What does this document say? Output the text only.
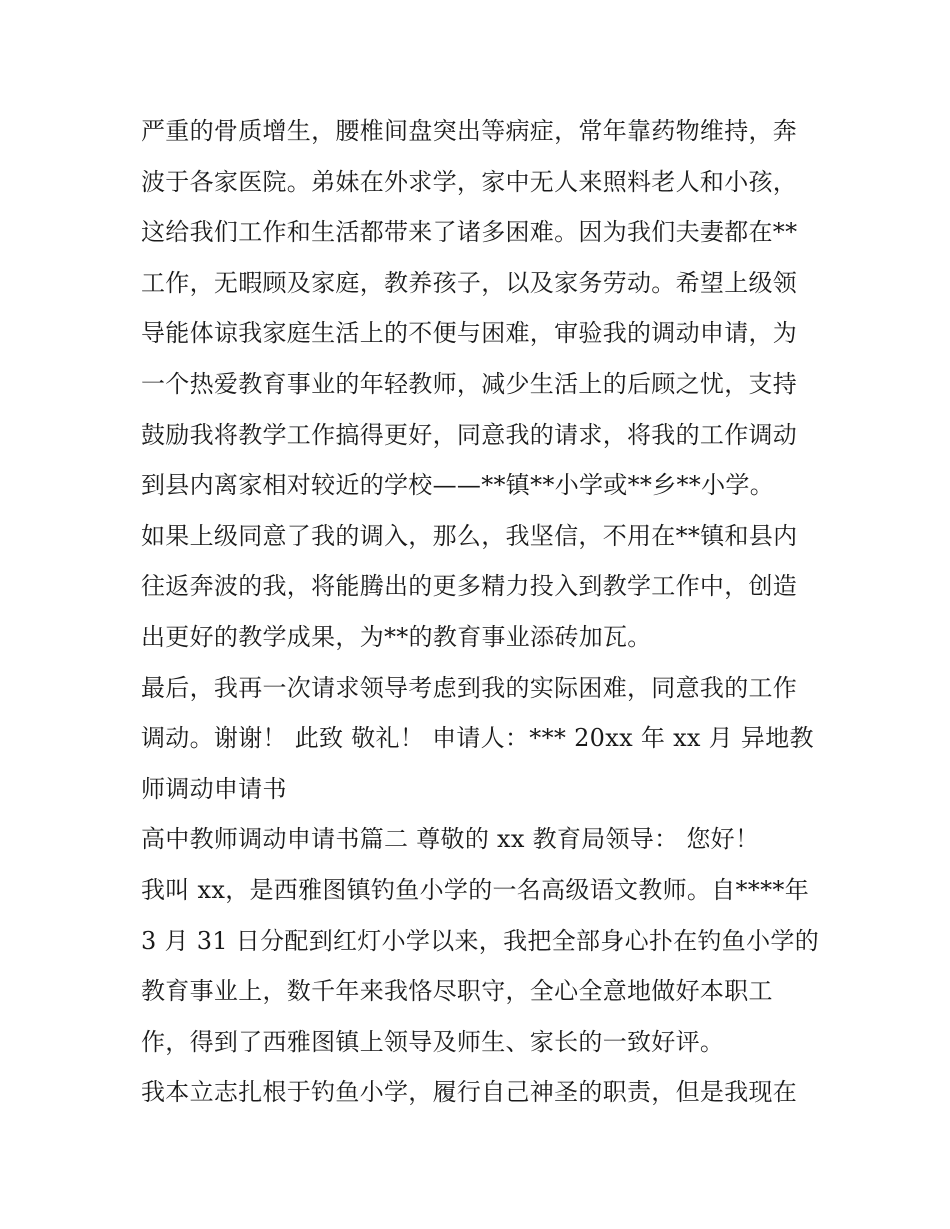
严重的骨质增生，腰椎间盘突出等病症，常年靠药物维持，奔
波于各家医院。弟妹在外求学，家中无人来照料老人和小孩，
这给我们工作和生活都带来了诸多困难。因为我们夫妻都在**
工作，无暇顾及家庭，教养孩子，以及家务劳动。希望上级领
导能体谅我家庭生活上的不便与困难，审验我的调动申请，为
一个热爱教育事业的年轻教师，减少生活上的后顾之忧，支持
鼓励我将教学工作搞得更好，同意我的请求，将我的工作调动
到县内离家相对较近的学校——**镇**小学或**乡**小学。
如果上级同意了我的调入，那么，我坚信，不用在**镇和县内
往返奔波的我，将能腾出的更多精力投入到教学工作中，创造
出更好的教学成果，为**的教育事业添砖加瓦。
最后，我再一次请求领导考虑到我的实际困难，同意我的工作
调动。谢谢！ 此致 敬礼！ 申请人：*** 20xx 年 xx 月 异地教
师调动申请书
高中教师调动申请书篇二 尊敬的 xx 教育局领导： 您好！
我叫 xx，是西雅图镇钓鱼小学的一名高级语文教师。自****年
3 月 31 日分配到红灯小学以来，我把全部身心扑在钓鱼小学的
教育事业上，数千年来我恪尽职守，全心全意地做好本职工
作，得到了西雅图镇上领导及师生、家长的一致好评。
我本立志扎根于钓鱼小学，履行自己神圣的职责，但是我现在
